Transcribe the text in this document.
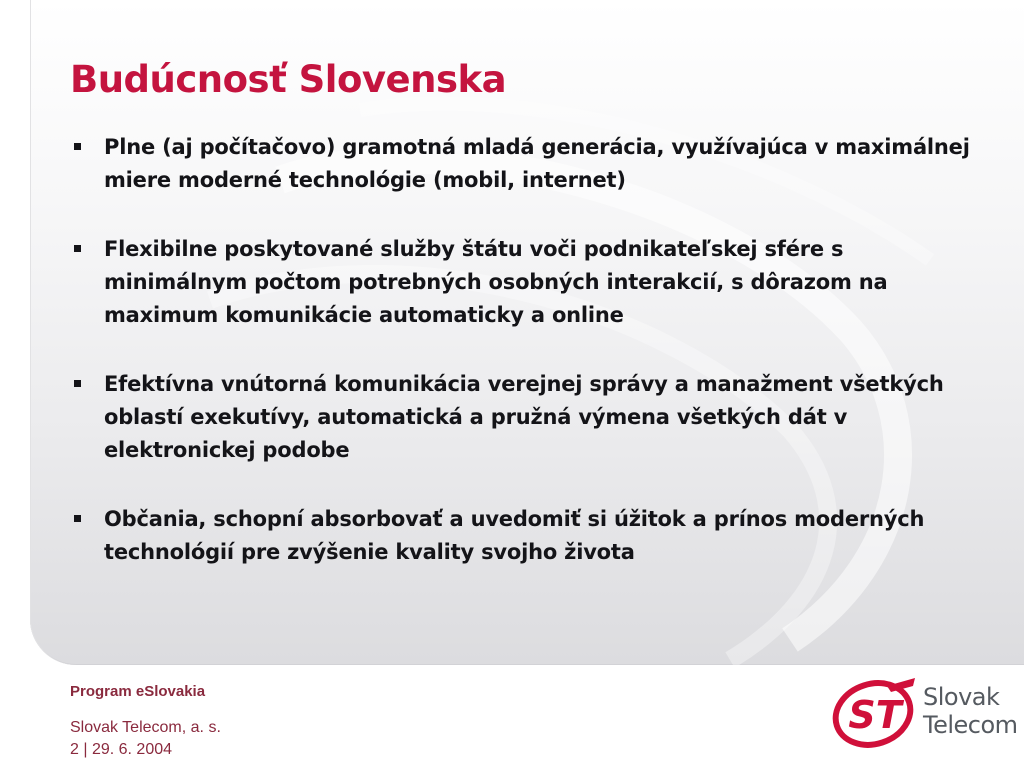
Budúcnosť Slovenska
Plne (aj počítačovo) gramotná mladá generácia, využívajúca v maximálnej miere moderné technológie (mobil, internet)
Flexibilne poskytované služby štátu voči podnikateľskej sfére s minimálnym počtom potrebných osobných interakcií, s dôrazom na maximum komunikácie automaticky a online
Efektívna vnútorná komunikácia verejnej správy a manažment všetkých oblastí exekutívy, automatická a pružná výmena všetkých dát v elektronickej podobe
Občania, schopní absorbovať a uvedomiť si úžitok a prínos moderných technológií pre zvýšenie kvality svojho života
Program eSlovakia
Slovak Telecom, a. s.
2 | 29. 6. 2004
ST Slovak
Telecom
